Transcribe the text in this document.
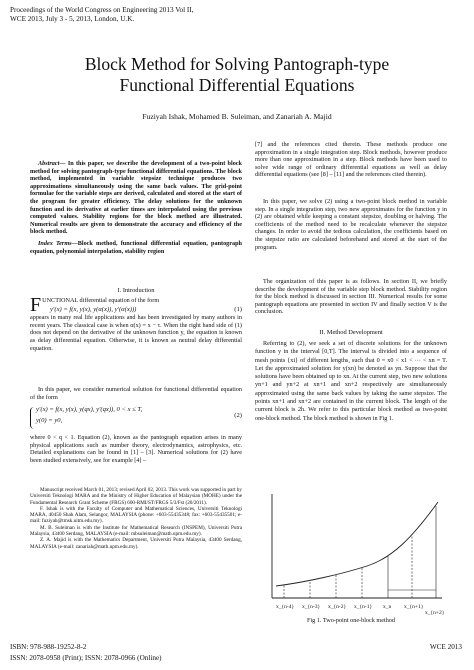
Proceedings of the World Congress on Engineering 2013 Vol II,
WCE 2013, July 3 - 5, 2013, London, U.K.
Block Method for Solving Pantograph-type
Functional Differential Equations
Fuziyah Ishak, Mohamed B. Suleiman, and Zanariah A. Majid
Abstract— In this paper, we describe the development of a two-point block method for solving pantograph-type functional differential equations. The block method, implemented in variable stepsize technique produces two approximations simultaneously using the same back values. The grid-point formulae for the variable steps are derived, calculated and stored at the start of the program for greater efficiency. The delay solutions for the unknown function and its derivative at earlier times are interpolated using the previous computed values. Stability regions for the block method are illustrated. Numerical results are given to demonstrate the accuracy and efficiency of the block method.
Index Terms—Block method, functional differential equation, pantograph equation, polynomial interpolation, stability region
I. Introduction
F UNCTIONAL differential equation of the form
y′(x) = f(x, y(x), y(α(x)), y′(α(x)))	(1)
appears in many real life applications and has been investigated by many authors in recent years. The classical case is when α(x) = x − τ. When the right hand side of (1) does not depend on the derivative of the unknown function y, the equation is known as delay differential equation. Otherwise, it is known as neutral delay differential equation.
In this paper, we consider numerical solution for functional differential equation of the form
y′(x) = f(x, y(x), y(qx), y′(qx)), 0 < x ≤ T,
y(0) = y0,
(2)
where 0 < q < 1. Equation (2), known as the pantograph equation arises in many physical applications such as number theory, electrodynamics, astrophysics, etc. Detailed explanations can be found in [1] – [3]. Numerical solutions for (2) have been studied extensively, see for example [4] –
Manuscript received March 01, 2013; revised April 02, 2013. This work was supported in part by Universiti Teknologi MARA and the Ministry of Higher Education of Malaysian (MOHE) under the Fundamental Research Grant Scheme (FRGS) 600-RMI/ST/FRGS 5/3/Fst (20/2011).
F. Ishak is with the Faculty of Computer and Mathematical Sciences, Universiti Teknologi MARA, 40450 Shah Alam, Selangor, MALAYSIA (phone: +603-55435348; fax: +603-55435501; e-mail: fuziyah@tmsk.uitm.edu.my).
M. B. Suleiman is with the Institute for Mathematical Research (INSPEM), Universiti Putra Malaysia, 43400 Serdang, MALAYSIA (e-mail: mbsuleiman@math.upm.edu.my).
Z. A. Majid is with the Mathematics Department, Universiti Putra Malaysia, 43400 Serdang, MALAYSIA (e-mail: zanariah@math.upm.edu.my).
[7] and the references cited therein. These methods produce one approximation in a single integration step. Block methods, however produce more than one approximation in a step. Block methods have been used to solve wide range of ordinary differential equations as well as delay differential equations (see [8] – [11] and the references cited therein).
In this paper, we solve (2) using a two-point block method in variable step. In a single integration step, two new approximates for the function y in (2) are obtained while keeping a constant stepsize, doubling or halving. The coefficients of the method need to be recalculate whenever the stepsize changes. In order to avoid the tedious calculation, the coefficients based on the stepsize ratio are calculated beforehand and stored at the start of the program.
The organization of this paper is as follows. In section II, we briefly describe the development of the variable step block method. Stability region for the block method is discussed in section III. Numerical results for some pantograph equations are presented in section IV and finally section V is the conclusion.
II. Method Development
Referring to (2), we seek a set of discrete solutions for the unknown function y in the interval [0,T]. The interval is divided into a sequence of mesh points {xi} of different lengths, such that 0 = x0 < x1 < ··· < xn = T. Let the approximated solution for y(xn) be denoted as yn. Suppose that the solutions have been obtained up to xn. At the current step, two new solutions yn+1 and yn+2 at xn+1 and xn+2 respectively are simultaneously approximated using the same back values by taking the same stepsize. The points xn+1 and xn+2 are contained in the current block. The length of the current block is 2h. We refer to this particular block method as two-point one-block method. The block method is shown in Fig 1.
x_{n-4} x_{n-3} x_{n-2} x_{n-1} x_n x_{n+1}
x_{n+2}
Fig 1. Two-point one-block method
ISBN: 978-988-19252-8-2
ISSN: 2078-0958 (Print); ISSN: 2078-0966 (Online)
WCE 2013
